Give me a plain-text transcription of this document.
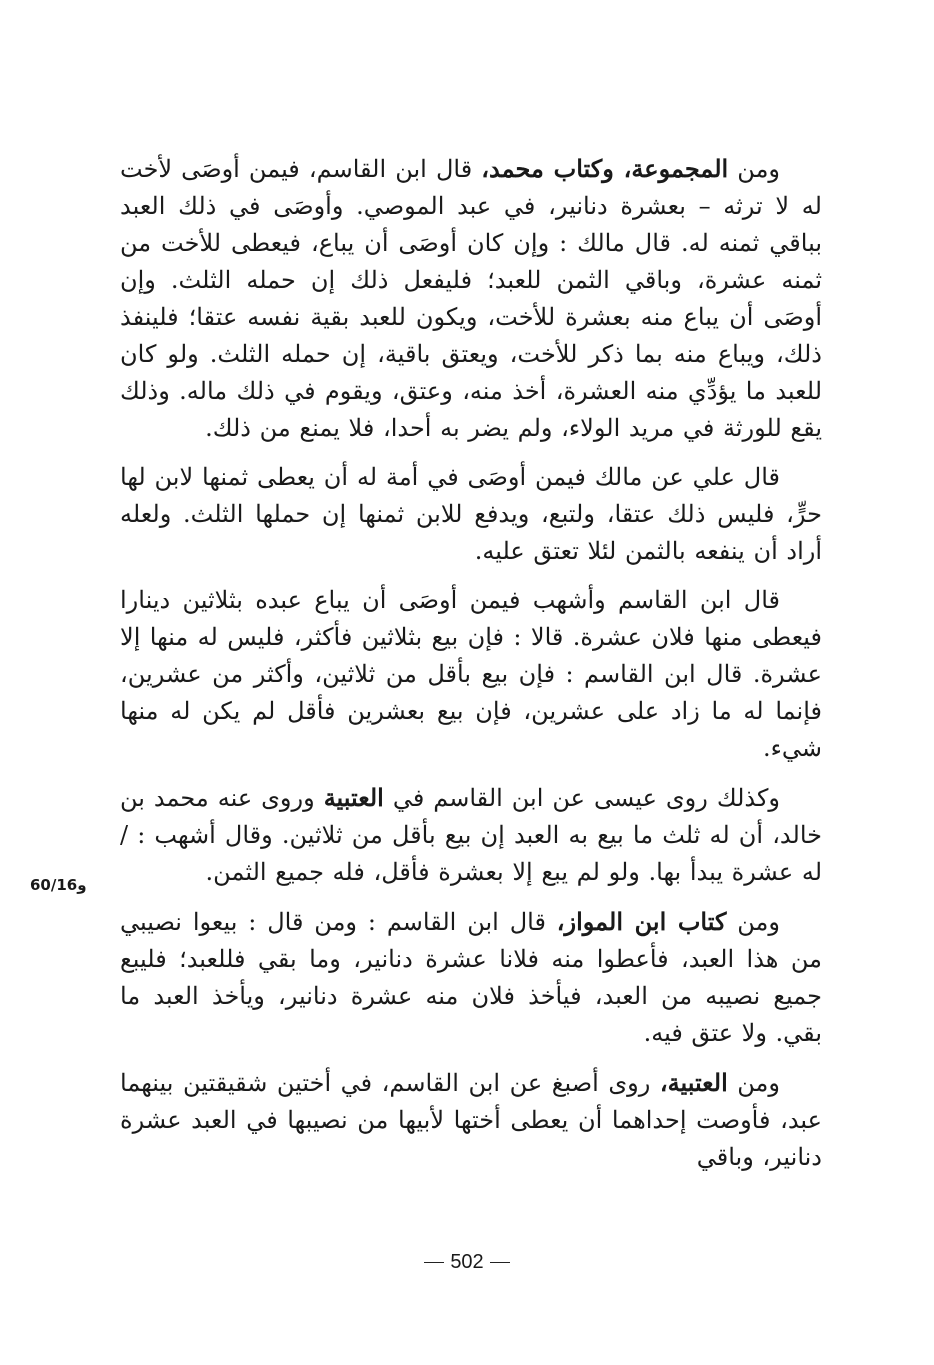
ومن المجموعة، وكتاب محمد، قال ابن القاسم، فيمن أوصَى لأخت له لا ترثه – بعشرة دنانير، في عبد الموصي. وأوصَى في ذلك العبد بباقي ثمنه له. قال مالك : وإن كان أوصَى أن يباع، فيعطى للأخت من ثمنه عشرة، وباقي الثمن للعبد؛ فليفعل ذلك إن حمله الثلث. وإن أوصَى أن يباع منه بعشرة للأخت، ويكون للعبد بقية نفسه عتقا؛ فلينفذ ذلك، ويباع منه بما ذكر للأخت، ويعتق باقية، إن حمله الثلث. ولو كان للعبد ما يؤدِّي منه العشرة، أخذ منه، وعتق، ويقوم في ذلك ماله. وذلك يقع للورثة في مريد الولاء، ولم يضر به أحدا، فلا يمنع من ذلك.

قال علي عن مالك فيمن أوصَى في أمة له أن يعطى ثمنها لابن لها حرٍّ، فليس ذلك عتقا، ولتبع، ويدفع للابن ثمنها إن حملها الثلث. ولعله أراد أن ينفعه بالثمن لئلا تعتق عليه.

قال ابن القاسم وأشهب فيمن أوصَى أن يباع عبده بثلاثين دينارا فيعطى منها فلان عشرة. قالا : فإن بيع بثلاثين فأكثر، فليس له منها إلا عشرة. قال ابن القاسم : فإن بيع بأقل من ثلاثين، وأكثر من عشرين، فإنما له ما زاد على عشرين، فإن بيع بعشرين فأقل لم يكن له منها شيء.

وكذلك روى عيسى عن ابن القاسم في العتبية وروى عنه محمد بن خالد، أن له ثلث ما بيع به العبد إن بيع بأقل من ثلاثين. وقال أشهب : / له عشرة يبدأ بها. ولو لم يبع إلا بعشرة فأقل، فله جميع الثمن.

ومن كتاب ابن المواز، قال ابن القاسم : ومن قال : بيعوا نصيبي من هذا العبد، فأعطوا منه فلانا عشرة دنانير، وما بقي فللعبد؛ فليبع جميع نصيبه من العبد، فيأخذ فلان منه عشرة دنانير، ويأخذ العبد ما بقي. ولا عتق فيه.

ومن العتبية، روى أصبغ عن ابن القاسم، في أختين شقيقتين بينهما عبد، فأوصت إحداهما أن يعطى أختها لأبيها من نصيبها في العبد عشرة دنانير، وباقي

60/16و
502
